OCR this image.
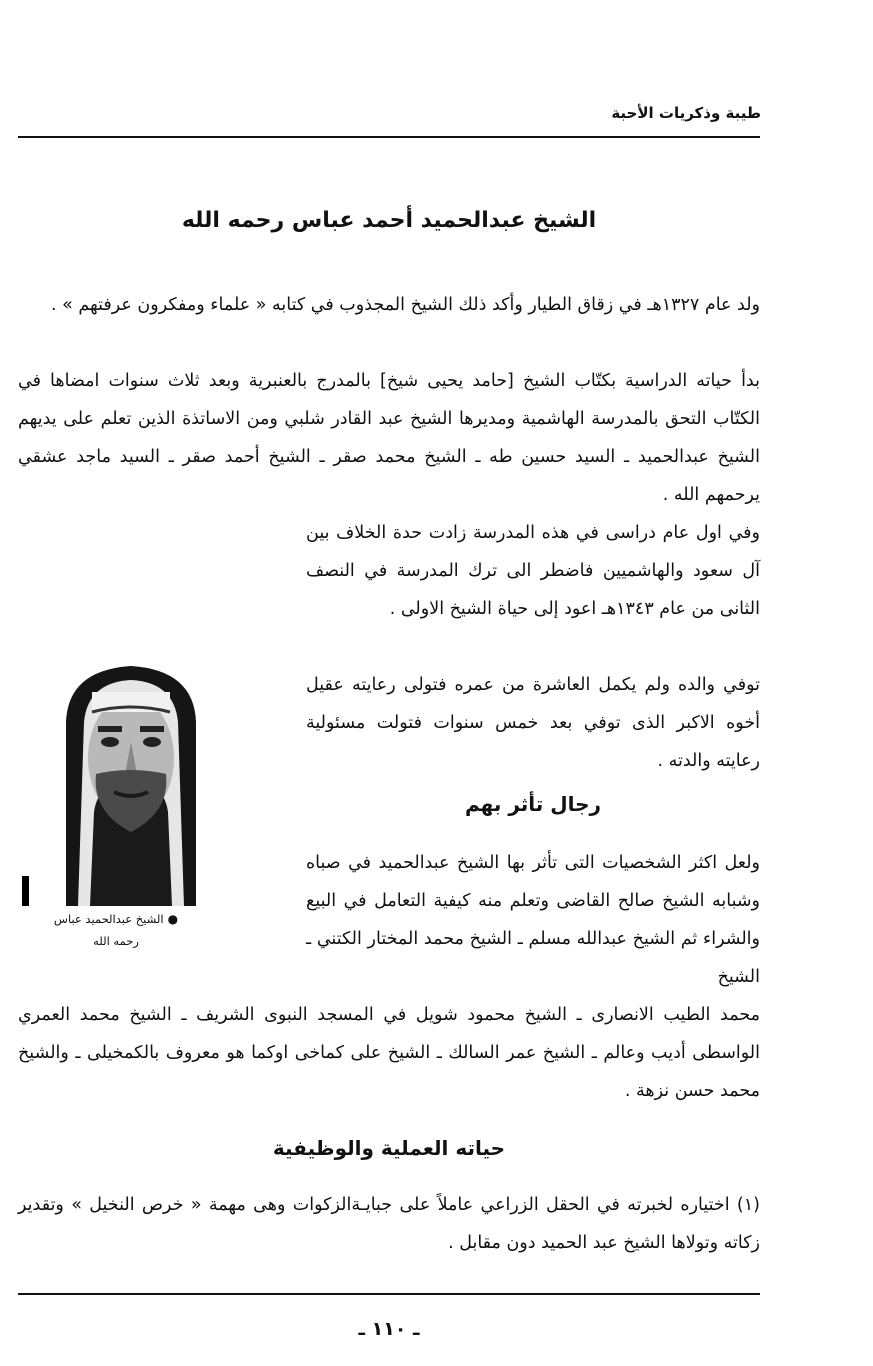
طيبة وذكريات الأحبة
الشيخ عبدالحميد أحمد عباس رحمه الله

ولد عام ١٣٢٧هـ في زقاق الطيار وأكد ذلك الشيخ المجذوب في كتابه « علماء ومفكرون عرفتهم » .

بدأ حياته الدراسية بكتّاب الشيخ [حامد يحيى شيخ] بالمدرج بالعنبرية وبعد ثلاث سنوات امضاها في الكتّاب التحق بالمدرسة الهاشمية ومديرها الشيخ عبد القادر شلبي ومن الاساتذة الذين تعلم على يديهم الشيخ عبدالحميد ـ السيد حسين طه ـ الشيخ محمد صقر ـ الشيخ أحمد صقر ـ السيد ماجد عشقي يرحمهم الله .

وفي اول عام دراسى في هذه المدرسة زادت حدة الخلاف بين آل سعود والهاشميين فاضطر الى ترك المدرسة في النصف الثانى من عام ١٣٤٣هـ اعود إلى حياة الشيخ الاولى .

توفي والده ولم يكمل العاشرة من عمره فتولى رعايته عقيل أخوه الاكبر الذى توفي بعد خمس سنوات فتولت مسئولية رعايته والدته .

رجال تأثر بهم

ولعل اكثر الشخصيات التى تأثر بها الشيخ عبدالحميد في صباه وشبابه الشيخ صالح القاضى وتعلم منه كيفية التعامل في البيع والشراء ثم الشيخ عبدالله مسلم ـ الشيخ محمد المختار الكتني ـ الشيخ

محمد الطيب الانصارى ـ الشيخ محمود شويل في المسجد النبوى الشريف ـ الشيخ محمد العمري الواسطى أديب وعالم ـ الشيخ عمر السالك ـ الشيخ على كماخى اوكما هو معروف بالكمخيلى ـ والشيخ محمد حسن نزهة .

حياته العملية والوظيفية

(١) اختياره لخبرته في الحقل الزراعي عاملاً على جبايـةالزكوات وهى مهمة « خرص النخيل » وتقدير زكاته وتولاها الشيخ عبد الحميد دون مقابل .

●الشيخ عبدالحميد عباس
رحمه الله
ـ ١١٠ ـ
